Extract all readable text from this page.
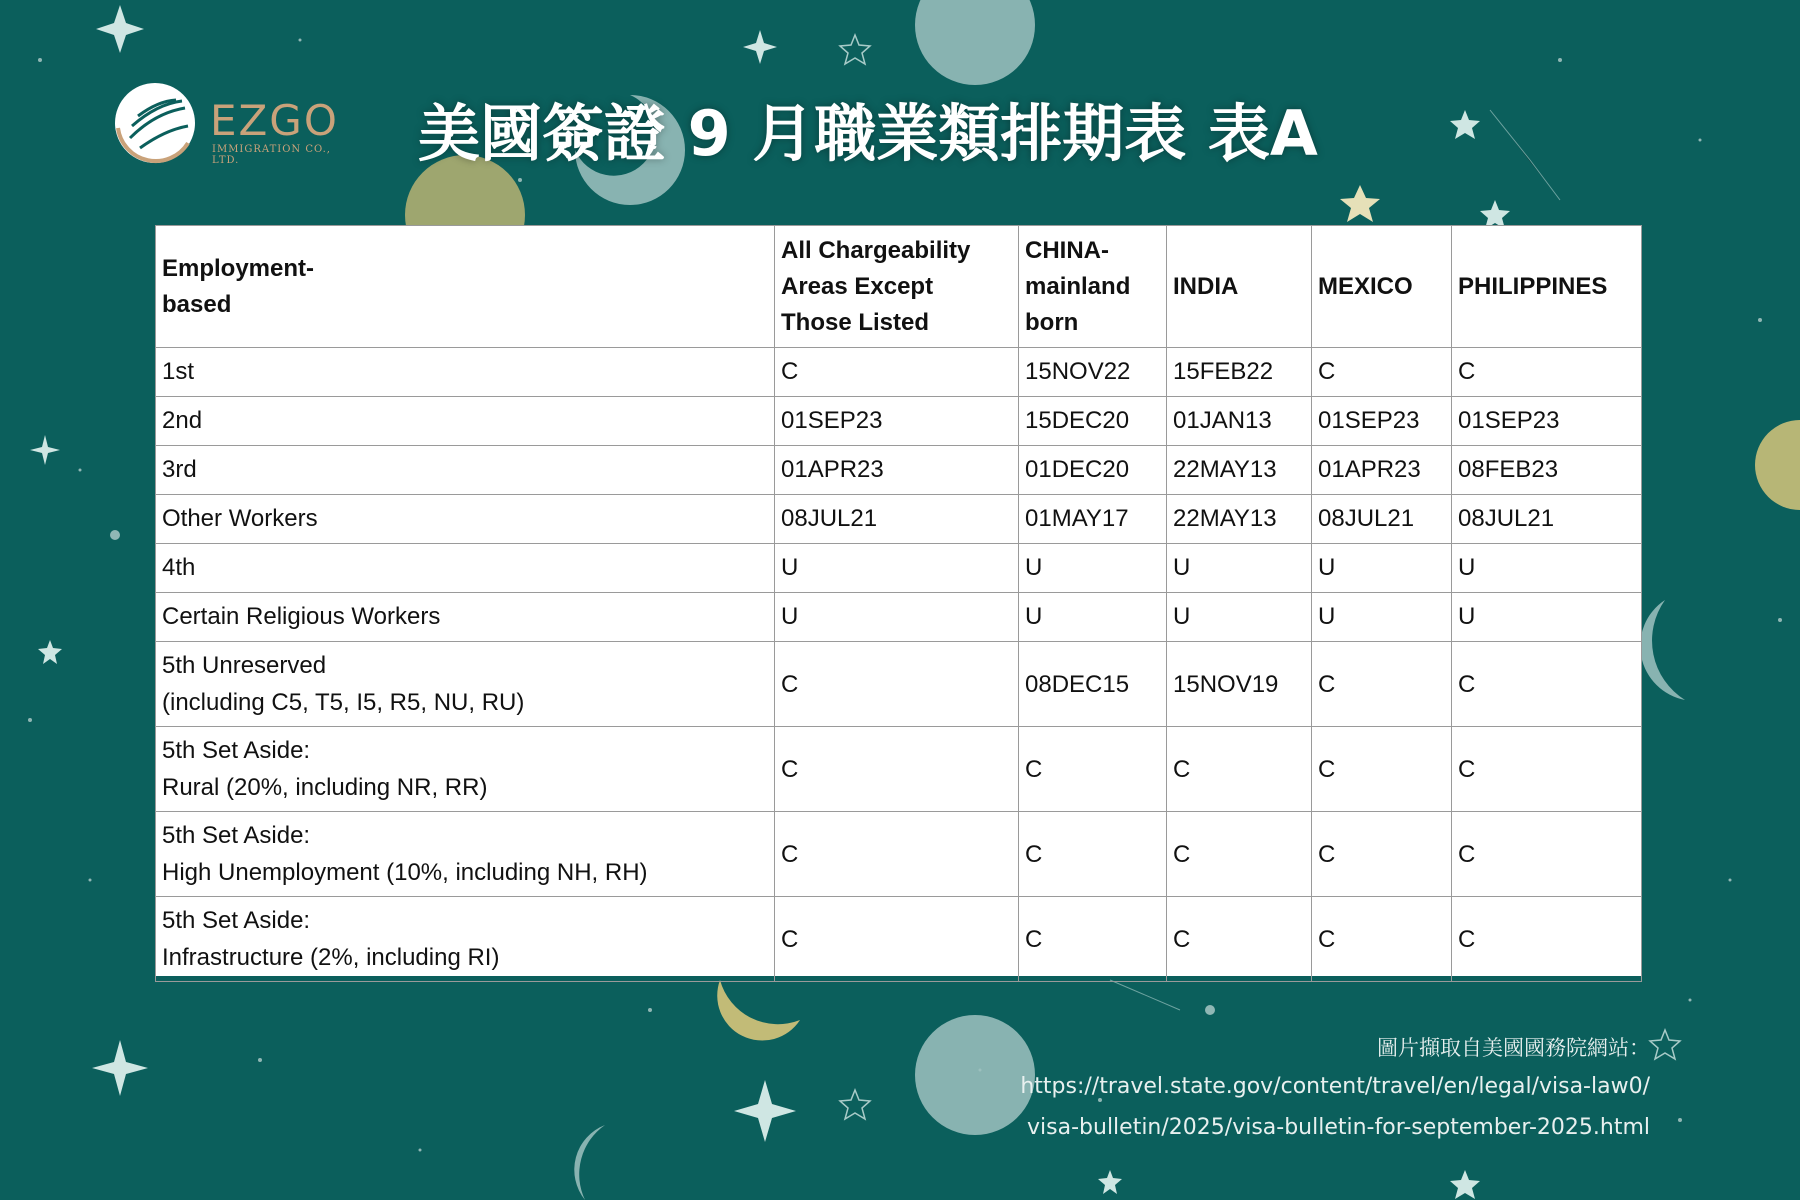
EZGO
IMMIGRATION CO., LTD.	美國簽證 9 月職業類排期表 表A
Employment-
based	All Chargeability
Areas Except
Those Listed	CHINA-
mainland
born	INDIA	MEXICO	PHILIPPINES
1st	C	15NOV22	15FEB22	C	C
2nd	01SEP23	15DEC20	01JAN13	01SEP23	01SEP23
3rd	01APR23	01DEC20	22MAY13	01APR23	08FEB23
Other Workers	08JUL21	01MAY17	22MAY13	08JUL21	08JUL21
4th	U	U	U	U	U
Certain Religious Workers	U	U	U	U	U
5th Unreserved
(including C5, T5, I5, R5, NU, RU)	C	08DEC15	15NOV19	C	C
5th Set Aside:
Rural (20%, including NR, RR)	C	C	C	C	C
5th Set Aside:
High Unemployment (10%, including NH, RH)	C	C	C	C	C
5th Set Aside:
Infrastructure (2%, including RI)	C	C	C	C	C
圖片擷取自美國國務院網站：
https://travel.state.gov/content/travel/en/legal/visa-law0/
visa-bulletin/2025/visa-bulletin-for-september-2025.html
